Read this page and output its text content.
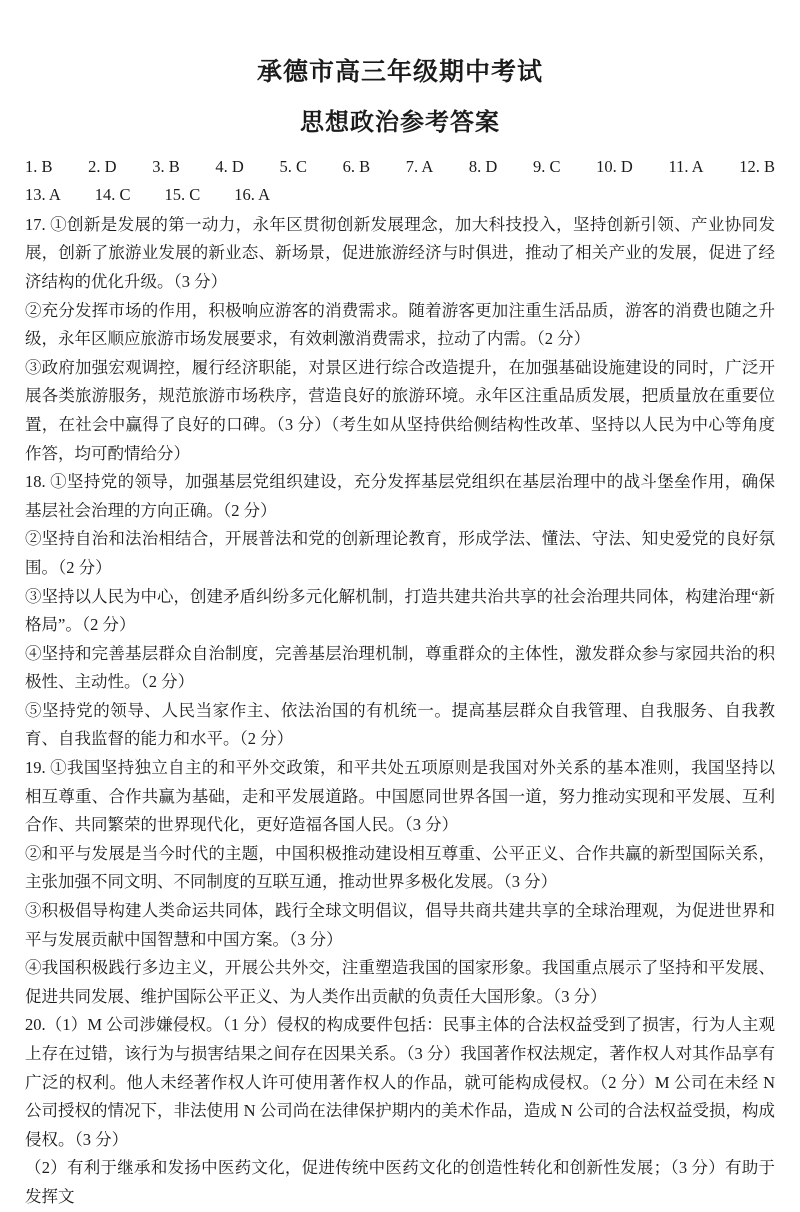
承德市高三年级期中考试
思想政治参考答案
1. B 2. D 3. B 4. D 5. C 6. B 7. A 8. D 9. C 10. D 11. A 12. B
13. A 14. C 15. C 16. A

17. ①创新是发展的第一动力，永年区贯彻创新发展理念，加大科技投入，坚持创新引领、产业协同发展，创新了旅游业发展的新业态、新场景，促进旅游经济与时俱进，推动了相关产业的发展，促进了经济结构的优化升级。（3 分）

②充分发挥市场的作用，积极响应游客的消费需求。随着游客更加注重生活品质，游客的消费也随之升级，永年区顺应旅游市场发展要求，有效刺激消费需求，拉动了内需。（2 分）

③政府加强宏观调控，履行经济职能，对景区进行综合改造提升，在加强基础设施建设的同时，广泛开展各类旅游服务，规范旅游市场秩序，营造良好的旅游环境。永年区注重品质发展，把质量放在重要位置，在社会中赢得了良好的口碑。（3 分）（考生如从坚持供给侧结构性改革、坚持以人民为中心等角度作答，均可酌情给分）

18. ①坚持党的领导，加强基层党组织建设，充分发挥基层党组织在基层治理中的战斗堡垒作用，确保基层社会治理的方向正确。（2 分）

②坚持自治和法治相结合，开展普法和党的创新理论教育，形成学法、懂法、守法、知史爱党的良好氛围。（2 分）

③坚持以人民为中心，创建矛盾纠纷多元化解机制，打造共建共治共享的社会治理共同体，构建治理“新格局”。（2 分）

④坚持和完善基层群众自治制度，完善基层治理机制，尊重群众的主体性，激发群众参与家园共治的积极性、主动性。（2 分）

⑤坚持党的领导、人民当家作主、依法治国的有机统一。提高基层群众自我管理、自我服务、自我教育、自我监督的能力和水平。（2 分）

19. ①我国坚持独立自主的和平外交政策，和平共处五项原则是我国对外关系的基本准则，我国坚持以相互尊重、合作共赢为基础，走和平发展道路。中国愿同世界各国一道，努力推动实现和平发展、互利合作、共同繁荣的世界现代化，更好造福各国人民。（3 分）

②和平与发展是当今时代的主题，中国积极推动建设相互尊重、公平正义、合作共赢的新型国际关系，主张加强不同文明、不同制度的互联互通，推动世界多极化发展。（3 分）

③积极倡导构建人类命运共同体，践行全球文明倡议，倡导共商共建共享的全球治理观，为促进世界和平与发展贡献中国智慧和中国方案。（3 分）

④我国积极践行多边主义，开展公共外交，注重塑造我国的国家形象。我国重点展示了坚持和平发展、促进共同发展、维护国际公平正义、为人类作出贡献的负责任大国形象。（3 分）

20.（1）M 公司涉嫌侵权。（1 分）侵权的构成要件包括：民事主体的合法权益受到了损害，行为人主观上存在过错，该行为与损害结果之间存在因果关系。（3 分）我国著作权法规定，著作权人对其作品享有广泛的权利。他人未经著作权人许可使用著作权人的作品，就可能构成侵权。（2 分）M 公司在未经 N 公司授权的情况下，非法使用 N 公司尚在法律保护期内的美术作品，造成 N 公司的合法权益受损，构成侵权。（3 分）

（2）有利于继承和发扬中医药文化，促进传统中医药文化的创造性转化和创新性发展；（3 分）有助于发挥文
